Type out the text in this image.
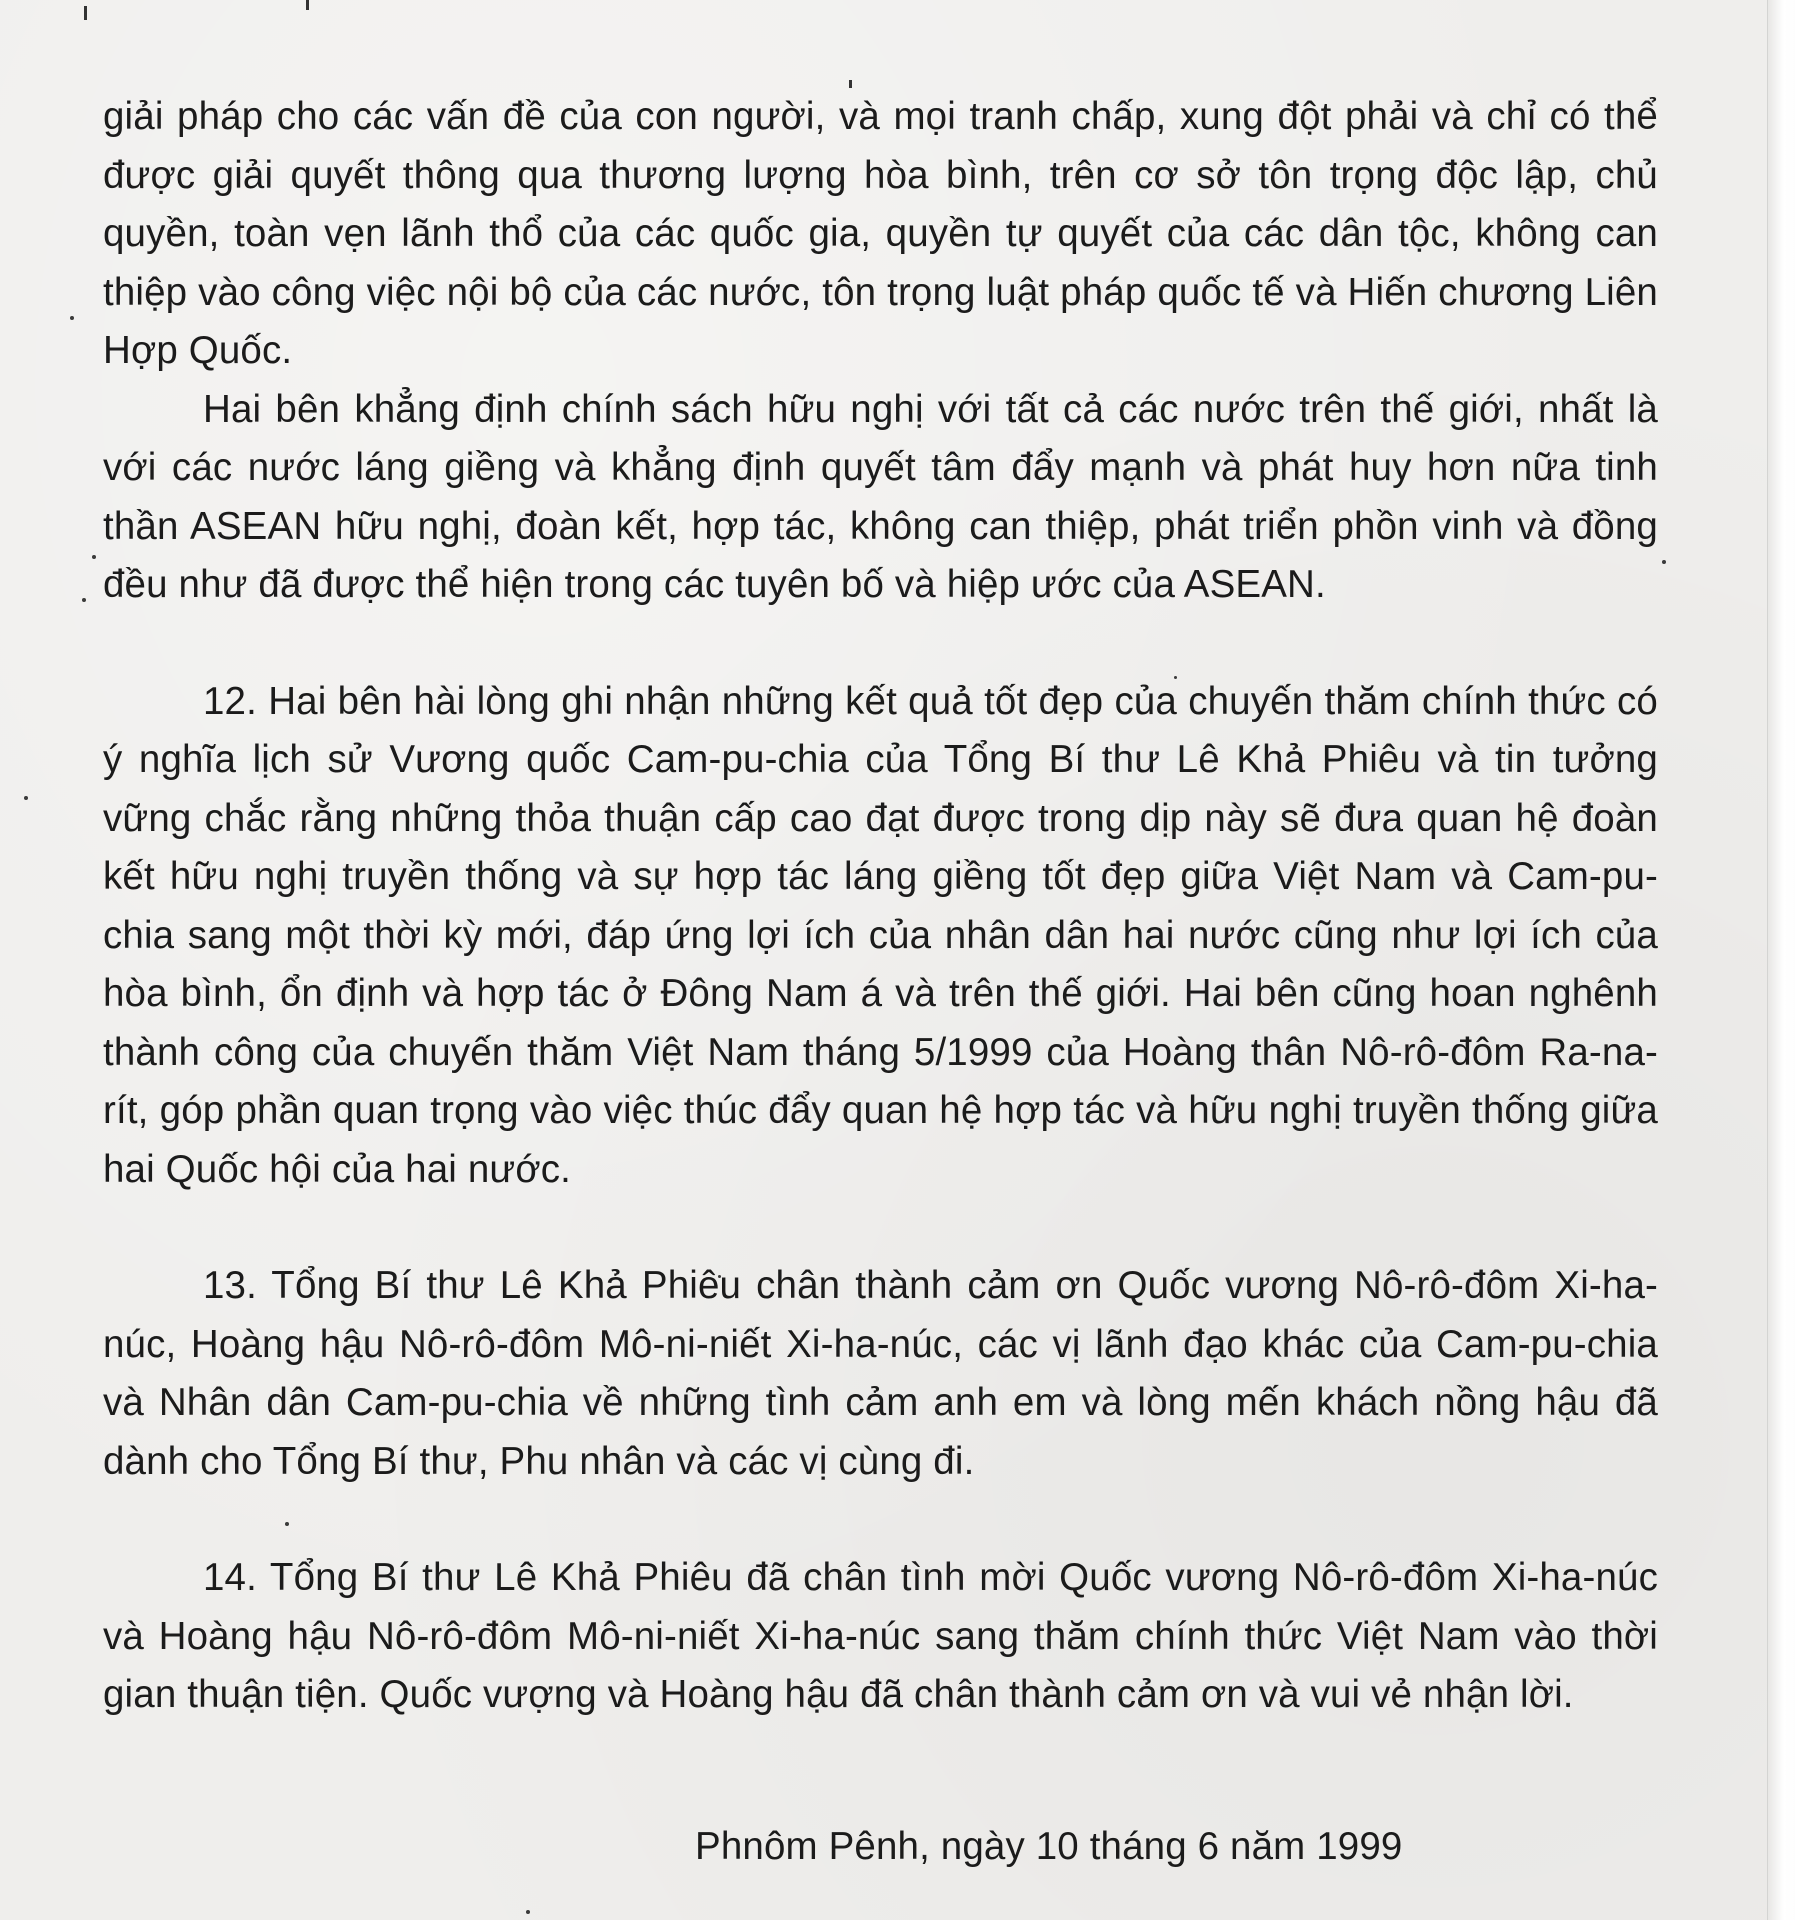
giải pháp cho các vấn đề của con người, và mọi tranh chấp, xung đột phải và chỉ có thể được giải quyết thông qua thương lượng hòa bình, trên cơ sở tôn trọng độc lập, chủ quyền, toàn vẹn lãnh thổ của các quốc gia, quyền tự quyết của các dân tộc, không can thiệp vào công việc nội bộ của các nước, tôn trọng luật pháp quốc tế và Hiến chương Liên Hợp Quốc.

Hai bên khẳng định chính sách hữu nghị với tất cả các nước trên thế giới, nhất là với các nước láng giềng và khẳng định quyết tâm đẩy mạnh và phát huy hơn nữa tinh thần ASEAN hữu nghị, đoàn kết, hợp tác, không can thiệp, phát triển phồn vinh và đồng đều như đã được thể hiện trong các tuyên bố và hiệp ước của ASEAN.

12. Hai bên hài lòng ghi nhận những kết quả tốt đẹp của chuyến thăm chính thức có ý nghĩa lịch sử Vương quốc Cam-pu-chia của Tổng Bí thư Lê Khả Phiêu và tin tưởng vững chắc rằng những thỏa thuận cấp cao đạt được trong dịp này sẽ đưa quan hệ đoàn kết hữu nghị truyền thống và sự hợp tác láng giềng tốt đẹp giữa Việt Nam và Cam-pu-chia sang một thời kỳ mới, đáp ứng lợi ích của nhân dân hai nước cũng như lợi ích của hòa bình, ổn định và hợp tác ở Đông Nam á và trên thế giới. Hai bên cũng hoan nghênh thành công của chuyến thăm Việt Nam tháng 5/1999 của Hoàng thân Nô-rô-đôm Ra-na-rít, góp phần quan trọng vào việc thúc đẩy quan hệ hợp tác và hữu nghị truyền thống giữa hai Quốc hội của hai nước.

13. Tổng Bí thư Lê Khả Phiêu chân thành cảm ơn Quốc vương Nô-rô-đôm Xi-ha-núc, Hoàng hậu Nô-rô-đôm Mô-ni-niết Xi-ha-núc, các vị lãnh đạo khác của Cam-pu-chia và Nhân dân Cam-pu-chia về những tình cảm anh em và lòng mến khách nồng hậu đã dành cho Tổng Bí thư, Phu nhân và các vị cùng đi.

14. Tổng Bí thư Lê Khả Phiêu đã chân tình mời Quốc vương Nô-rô-đôm Xi-ha-núc và Hoàng hậu Nô-rô-đôm Mô-ni-niết Xi-ha-núc sang thăm chính thức Việt Nam vào thời gian thuận tiện. Quốc vượng và Hoàng hậu đã chân thành cảm ơn và vui vẻ nhận lời.

Phnôm Pênh, ngày 10 tháng 6 năm 1999
